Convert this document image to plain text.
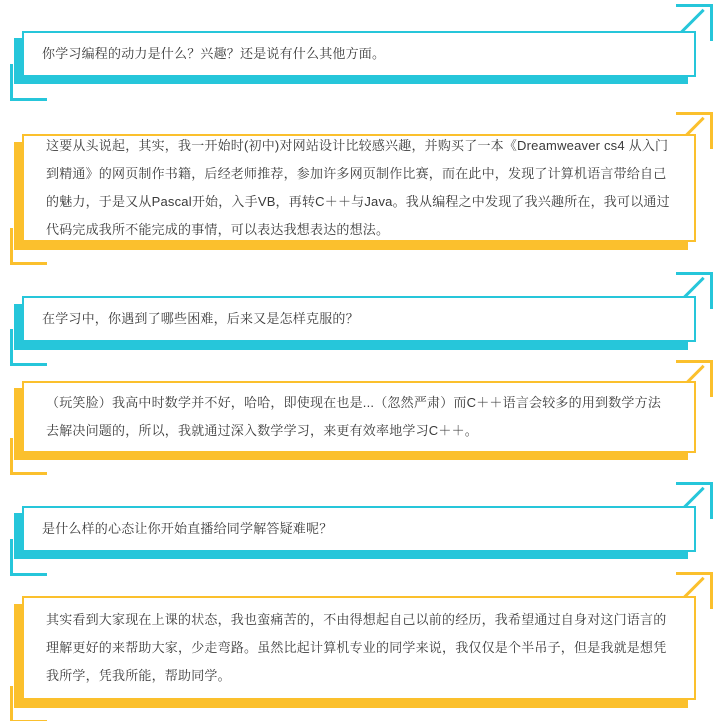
你学习编程的动力是什么？兴趣？还是说有什么其他方面。
这要从头说起，其实，我一开始时(初中)对网站设计比较感兴趣，并购买了一本《Dreamweaver cs4 从入门到精通》的网页制作书籍，后经老师推荐，参加许多网页制作比赛，而在此中，发现了计算机语言带给自己的魅力，于是又从Pascal开始，入手VB，再转C＋＋与Java。我从编程之中发现了我兴趣所在，我可以通过代码完成我所不能完成的事情，可以表达我想表达的想法。
在学习中，你遇到了哪些困难，后来又是怎样克服的？
（玩笑脸）我高中时数学并不好，哈哈，即使现在也是...（忽然严肃）而C＋＋语言会较多的用到数学方法去解决问题的，所以，我就通过深入数学学习，来更有效率地学习C＋＋。
是什么样的心态让你开始直播给同学解答疑难呢？
其实看到大家现在上课的状态，我也蛮痛苦的，不由得想起自己以前的经历，我希望通过自身对这门语言的理解更好的来帮助大家，少走弯路。虽然比起计算机专业的同学来说，我仅仅是个半吊子，但是我就是想凭我所学，凭我所能，帮助同学。
